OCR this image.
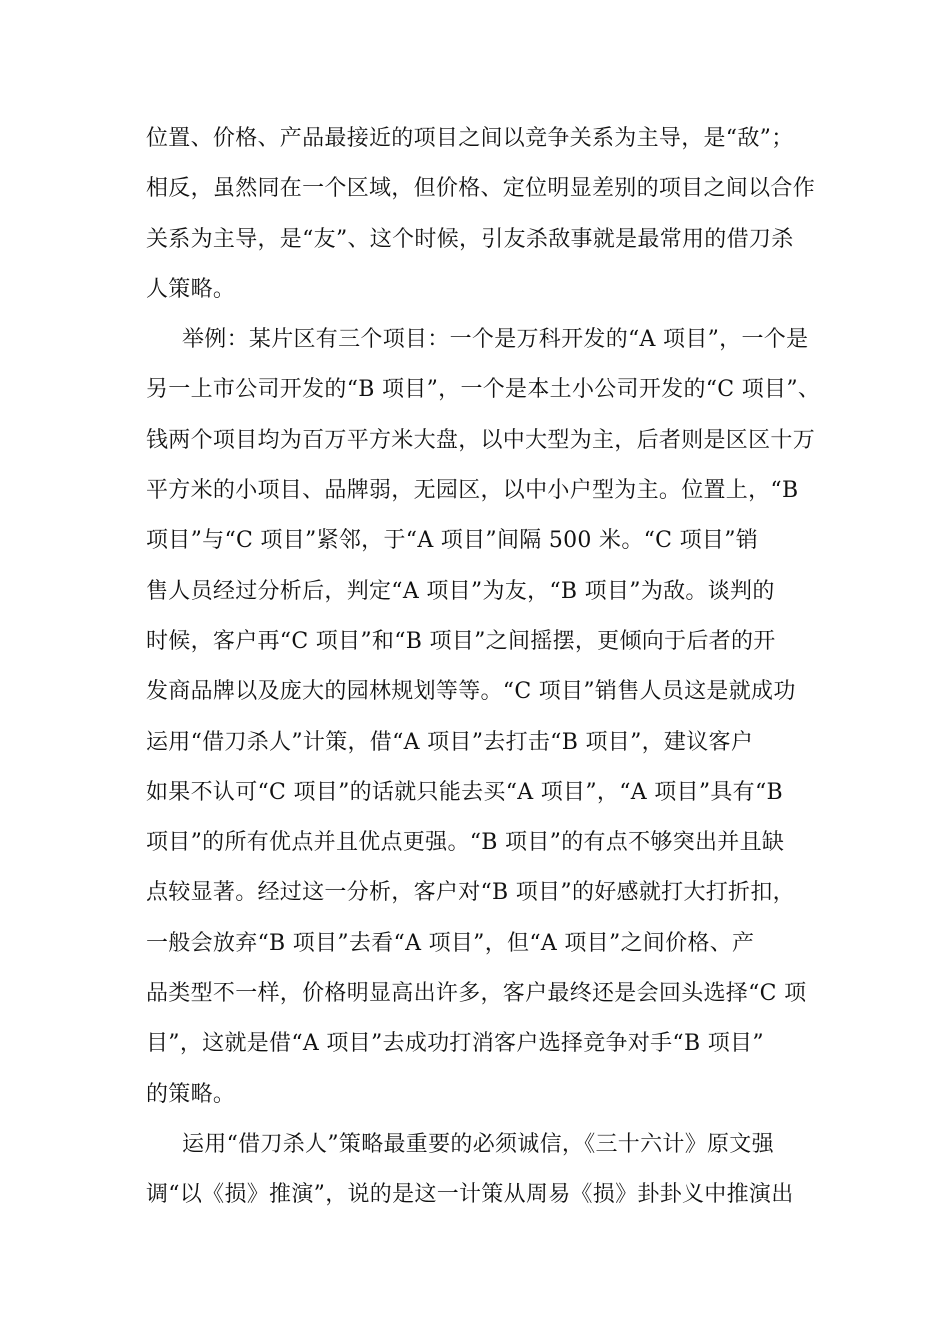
位置、价格、产品最接近的项目之间以竞争关系为主导，是“敌”；
相反，虽然同在一个区域，但价格、定位明显差别的项目之间以合作
关系为主导，是“友”、这个时候，引友杀敌事就是最常用的借刀杀
人策略。
举例：某片区有三个项目：一个是万科开发的“A 项目”，一个是
另一上市公司开发的“B 项目”，一个是本土小公司开发的“C 项目”、
钱两个项目均为百万平方米大盘，以中大型为主，后者则是区区十万
平方米的小项目、品牌弱，无园区，以中小户型为主。位置上，“B
项目”与“C 项目”紧邻，于“A 项目”间隔 500 米。“C 项目”销
售人员经过分析后，判定“A 项目”为友，“B 项目”为敌。谈判的
时候，客户再“C 项目”和“B 项目”之间摇摆，更倾向于后者的开
发商品牌以及庞大的园林规划等等。“C 项目”销售人员这是就成功
运用“借刀杀人”计策，借“A 项目”去打击“B 项目”，建议客户
如果不认可“C 项目”的话就只能去买“A 项目”，“A 项目”具有“B
项目”的所有优点并且优点更强。“B 项目”的有点不够突出并且缺
点较显著。经过这一分析，客户对“B 项目”的好感就打大打折扣，
一般会放弃“B 项目”去看“A 项目”，但“A 项目”之间价格、产
品类型不一样，价格明显高出许多，客户最终还是会回头选择“C 项
目”，这就是借“A 项目”去成功打消客户选择竞争对手“B 项目”
的策略。
运用“借刀杀人”策略最重要的必须诚信，《三十六计》原文强
调“以《损》推演”，说的是这一计策从周易《损》卦卦义中推演出
